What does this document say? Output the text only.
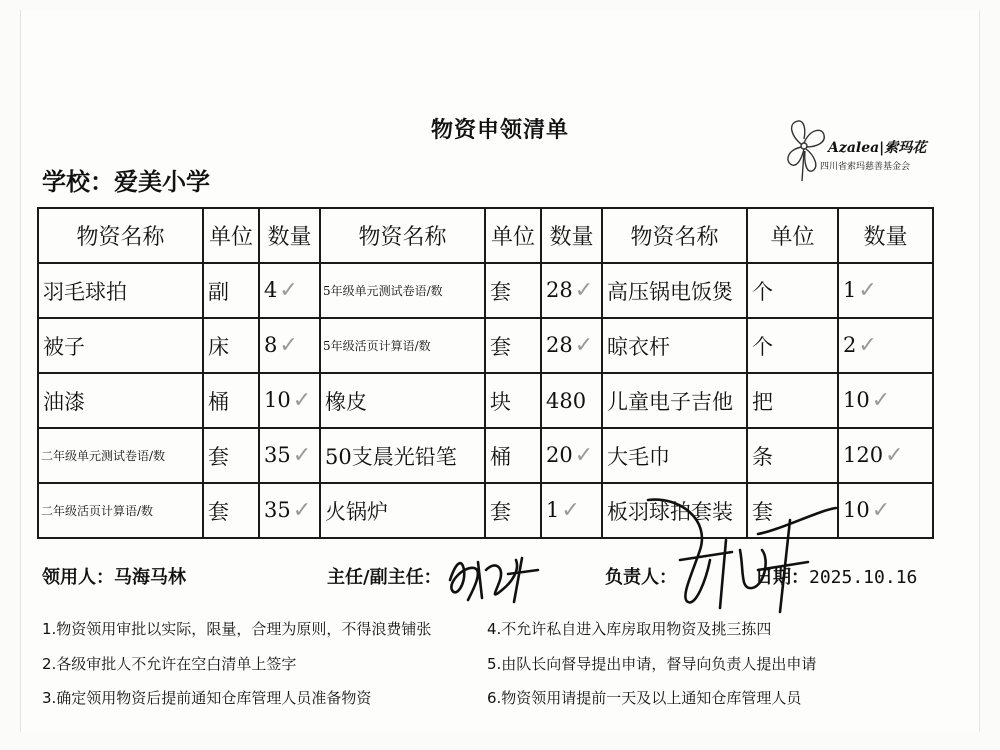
物资申领清单
学校：爱美小学
Azalea|索玛花
四川省索玛慈善基金会
物资名称	单位	数量	物资名称	单位	数量	物资名称	单位	数量
羽毛球拍	副	4✓	5年级单元测试卷语/数	套	28✓	高压锅电饭煲	个	1✓
被子	床	8✓	5年级活页计算语/数	套	28✓	晾衣杆	个	2✓
油漆	桶	10✓	橡皮	块	480	儿童电子吉他	把	10✓
二年级单元测试卷语/数	套	35✓	50支晨光铅笔	桶	20✓	大毛巾	条	120✓
二年级活页计算语/数	套	35✓	火锅炉	套	1✓	板羽球拍套装	套	10✓
领用人：马海马林	主任/副主任：	负责人：	日期：2025.10.16
1.物资领用审批以实际，限量，合理为原则，不得浪费铺张
2.各级审批人不允许在空白清单上签字
3.确定领用物资后提前通知仓库管理人员准备物资
4.不允许私自进入库房取用物资及挑三拣四
5.由队长向督导提出申请，督导向负责人提出申请
6.物资领用请提前一天及以上通知仓库管理人员
